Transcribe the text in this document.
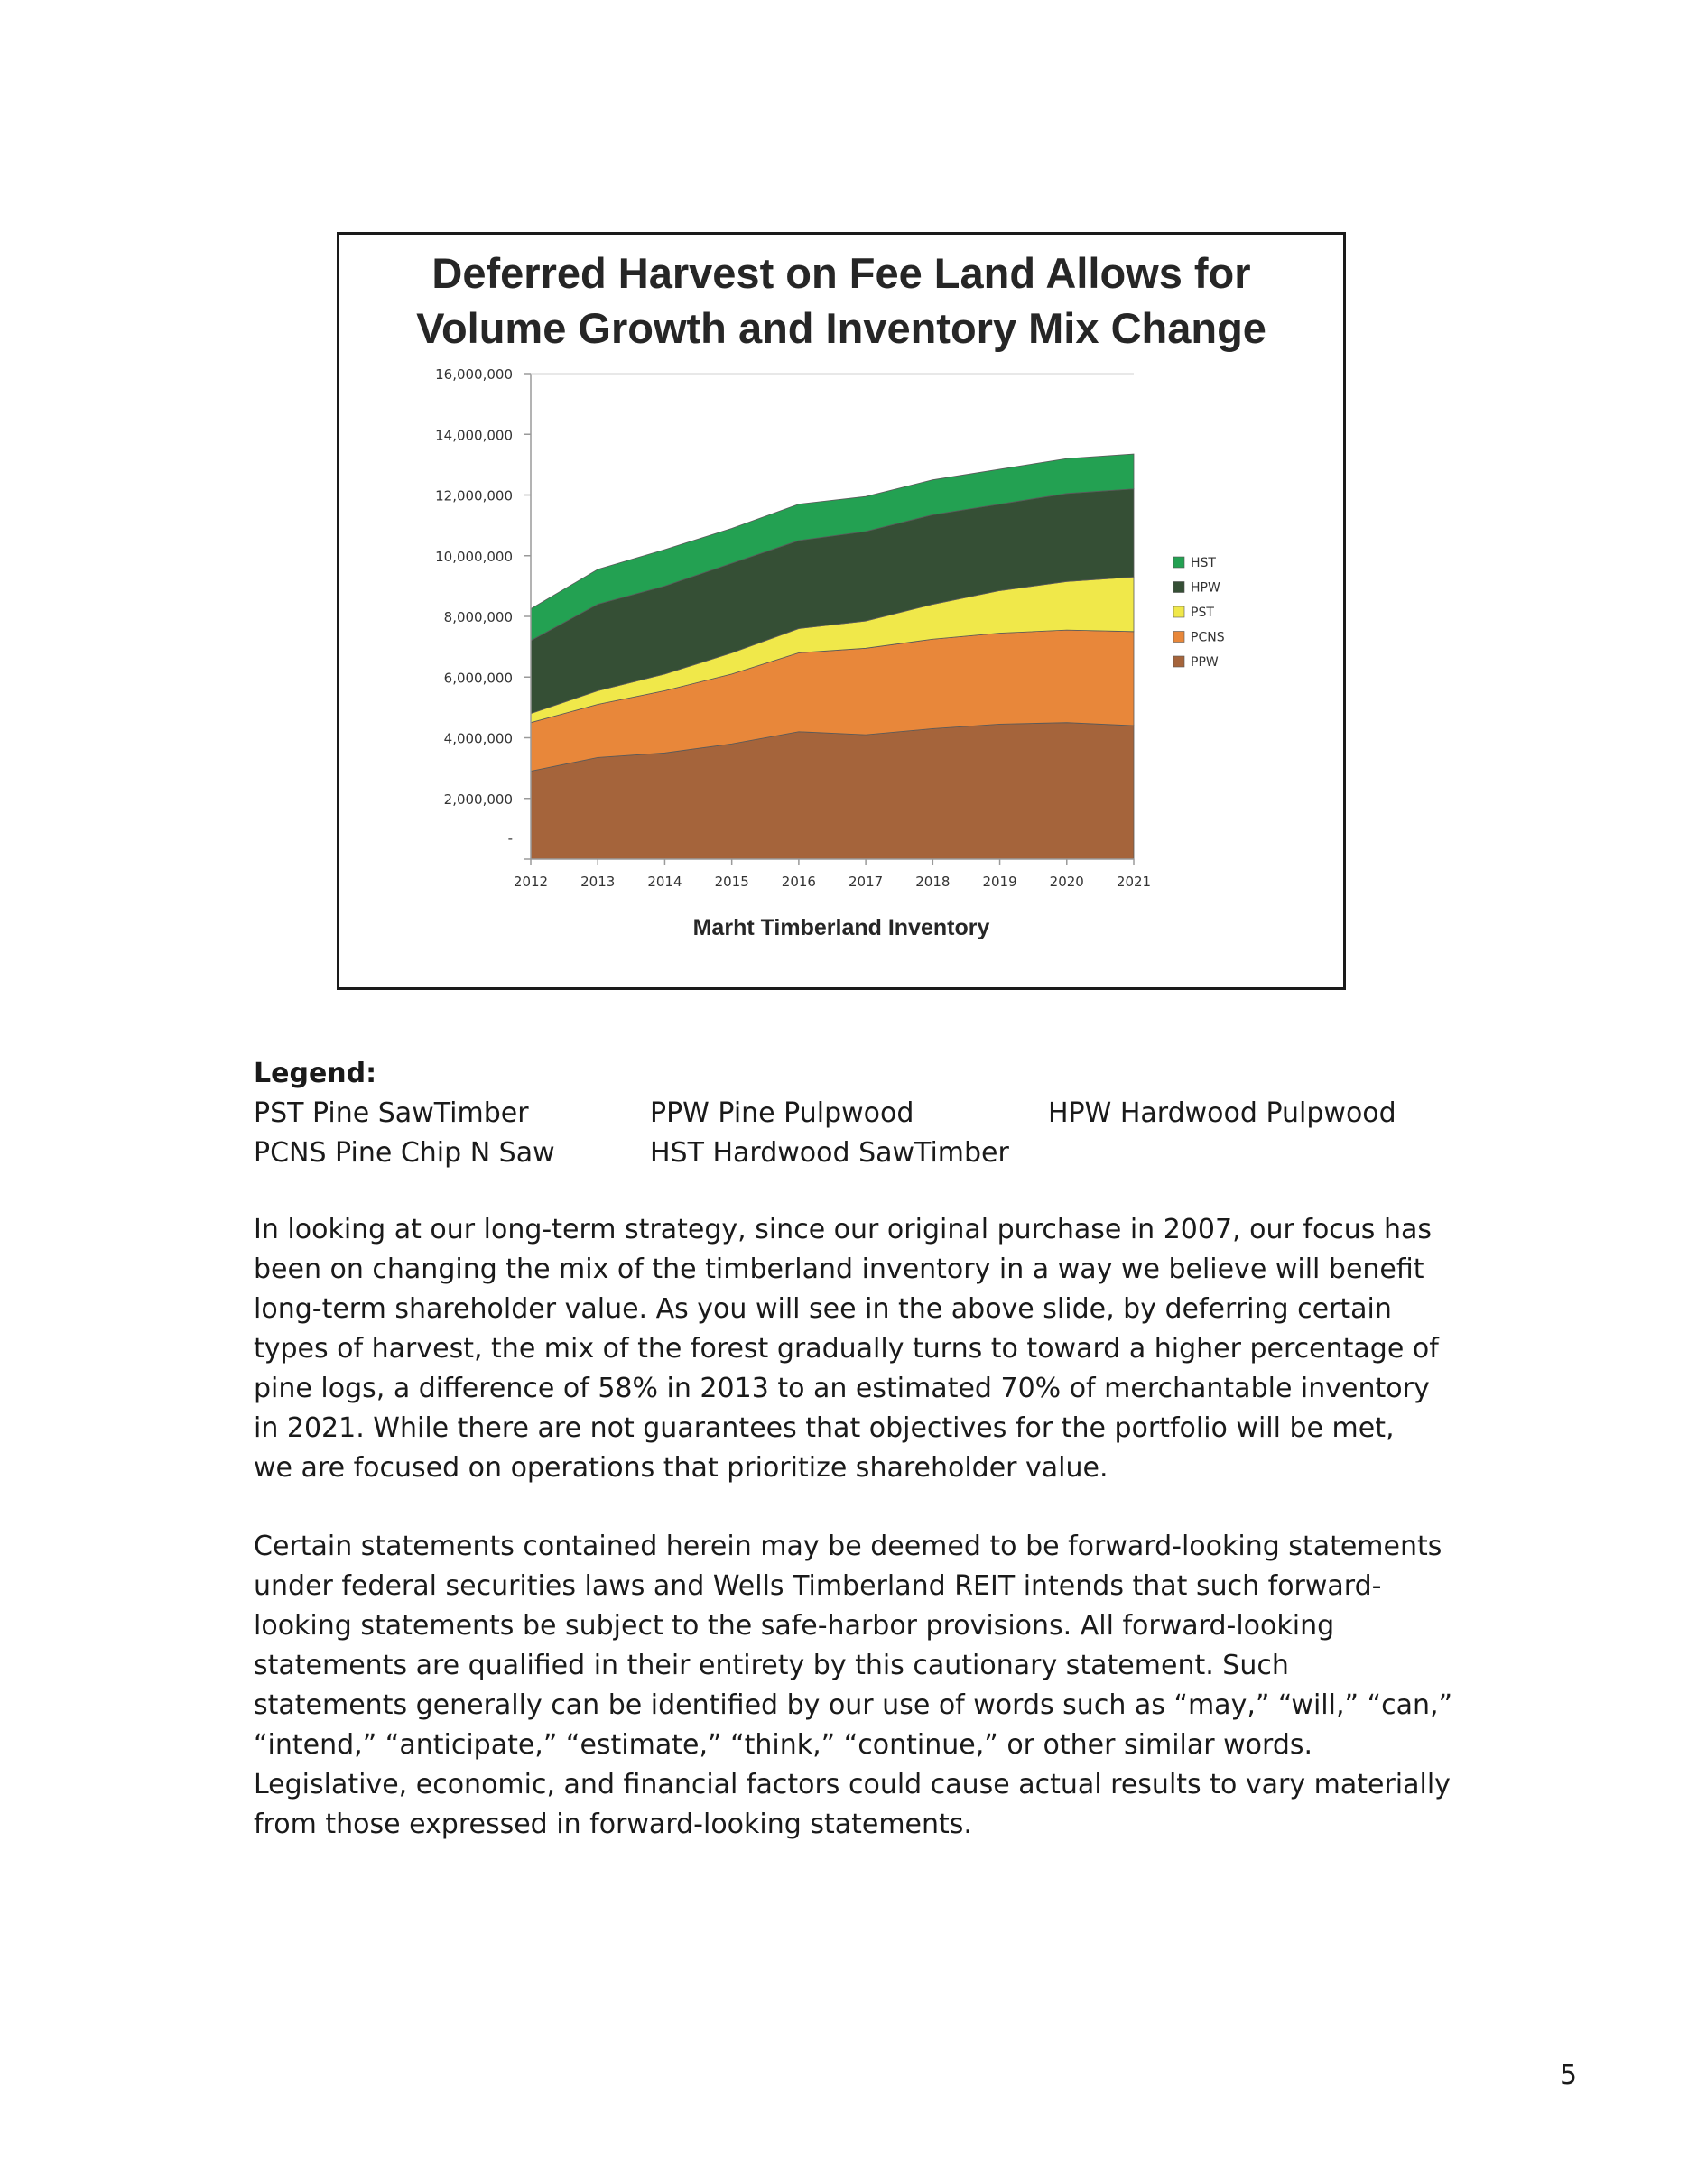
Deferred Harvest on Fee Land Allows for
Volume Growth and Inventory Mix Change
-
2,000,000
4,000,000
6,000,000
8,000,000
10,000,000
12,000,000
14,000,000
16,000,000
2012 2013 2014 2015 2016 2017 2018 2019 2020 2021
HST
HPW
PST
PCNS
PPW
Marht Timberland Inventory
Legend:
PST Pine SawTimber	PPW Pine Pulpwood	HPW Hardwood Pulpwood
PCNS Pine Chip N Saw	HST Hardwood SawTimber
In looking at our long-term strategy, since our original purchase in 2007, our focus has
been on changing the mix of the timberland inventory in a way we believe will benefit
long-term shareholder value. As you will see in the above slide, by deferring certain
types of harvest, the mix of the forest gradually turns to toward a higher percentage of
pine logs, a difference of 58% in 2013 to an estimated 70% of merchantable inventory
in 2021. While there are not guarantees that objectives for the portfolio will be met,
we are focused on operations that prioritize shareholder value.
Certain statements contained herein may be deemed to be forward-looking statements
under federal securities laws and Wells Timberland REIT intends that such forward-
looking statements be subject to the safe-harbor provisions. All forward-looking
statements are qualified in their entirety by this cautionary statement. Such
statements generally can be identified by our use of words such as “may,” “will,” “can,”
“intend,” “anticipate,” “estimate,” “think,” “continue,” or other similar words.
Legislative, economic, and financial factors could cause actual results to vary materially
from those expressed in forward-looking statements.
5
